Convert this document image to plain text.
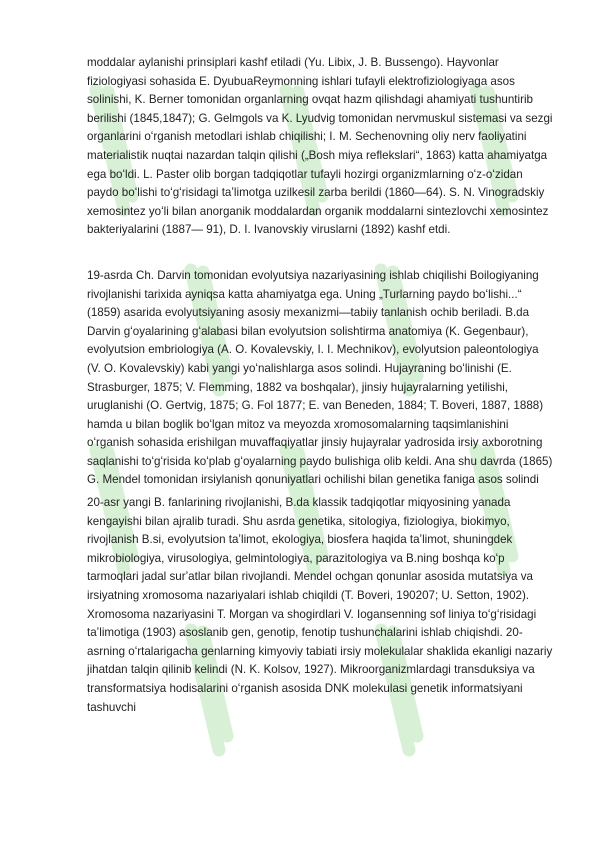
moddalar aylanishi prinsiplari kashf etiladi (Yu. Libix, J. B. Bussengo). Hayvonlar fiziologiyasi sohasida E. DyubuaReymonning ishlari tufayli elektrofiziologiyaga asos solinishi, K. Berner tomonidan organlarning ovqat hazm qilishdagi ahamiyati tushuntirib berilishi (1845,1847); G. Gelmgols va K. Lyudvig tomonidan nervmuskul sistemasi va sezgi organlarini oʻrganish metodlari ishlab chiqilishi; I. M. Sechenovning oliy nerv faoliyatini materialistik nuqtai nazardan talqin qilishi („Bosh miya reflekslari“, 1863) katta ahamiyatga ega boʻldi. L. Paster olib borgan tadqiqotlar tufayli hozirgi organizmlarning oʻz-oʻzidan paydo boʻlishi toʻgʻrisidagi taʼlimotga uzilkesil zarba berildi (1860—64). S. N. Vinogradskiy xemosintez yoʻli bilan anorganik moddalardan organik moddalarni sintezlovchi xemosintez bakteriyalarini (1887— 91), D. I. Ivanovskiy viruslarni (1892) kashf etdi.

19-asrda Ch. Darvin tomonidan evolyutsiya nazariyasining ishlab chiqilishi Boilogiyaning rivojlanishi tarixida ayniqsa katta ahamiyatga ega. Uning „Turlarning paydo boʻlishi...“ (1859) asarida evolyutsiyaning asosiy mexanizmi—tabiiy tanlanish ochib beriladi. B.da Darvin gʻoyalarining gʻalabasi bilan evolyutsion solishtirma anatomiya (K. Gegenbaur), evolyutsion embriologiya (A. O. Kovalevskiy, I. I. Mechnikov), evolyutsion paleontologiya (V. O. Kovalevskiy) kabi yangi yoʻnalishlarga asos solindi. Hujayraning boʻlinishi (E. Strasburger, 1875; V. Flemming, 1882 va boshqalar), jinsiy hujayralarning yetilishi, uruglanishi (O. Gertvig, 1875; G. Fol 1877; E. van Beneden, 1884; T. Boveri, 1887, 1888) hamda u bilan boglik boʻlgan mitoz va meyozda xromosomalarning taqsimlanishini oʻrganish sohasida erishilgan muvaffaqiyatlar jinsiy hujayralar yadrosida irsiy axborotning saqlanishi toʻgʻrisida koʻplab gʻoyalarning paydo bulishiga olib keldi. Ana shu davrda (1865) G. Mendel tomonidan irsiylanish qonuniyatlari ochilishi bilan genetika faniga asos solindi

20-asr yangi B. fanlarining rivojlanishi, B.da klassik tadqiqotlar miqyosining yanada kengayishi bilan ajralib turadi. Shu asrda genetika, sitologiya, fiziologiya, biokimyo, rivojlanish B.si, evolyutsion taʼlimot, ekologiya, biosfera haqida taʼlimot, shuningdek mikrobiologiya, virusologiya, gelmintologiya, parazitologiya va B.ning boshqa koʻp tarmoqlari jadal surʼatlar bilan rivojlandi. Mendel ochgan qonunlar asosida mutatsiya va irsiyatning xromosoma nazariyalari ishlab chiqildi (T. Boveri, 190207; U. Setton, 1902). Xromosoma nazariyasini T. Morgan va shogirdlari V. Iogansenning sof liniya toʻgʻrisidagi taʼlimotiga (1903) asoslanib gen, genotip, fenotip tushunchalarini ishlab chiqishdi. 20-asrning oʻrtalarigacha genlarning kimyoviy tabiati irsiy molekulalar shaklida ekanligi nazariy jihatdan talqin qilinib kelindi (N. K. Kolsov, 1927). Mikroorganizmlardagi transduksiya va transformatsiya hodisalarini oʻrganish asosida DNK molekulasi genetik informatsiyani tashuvchi
